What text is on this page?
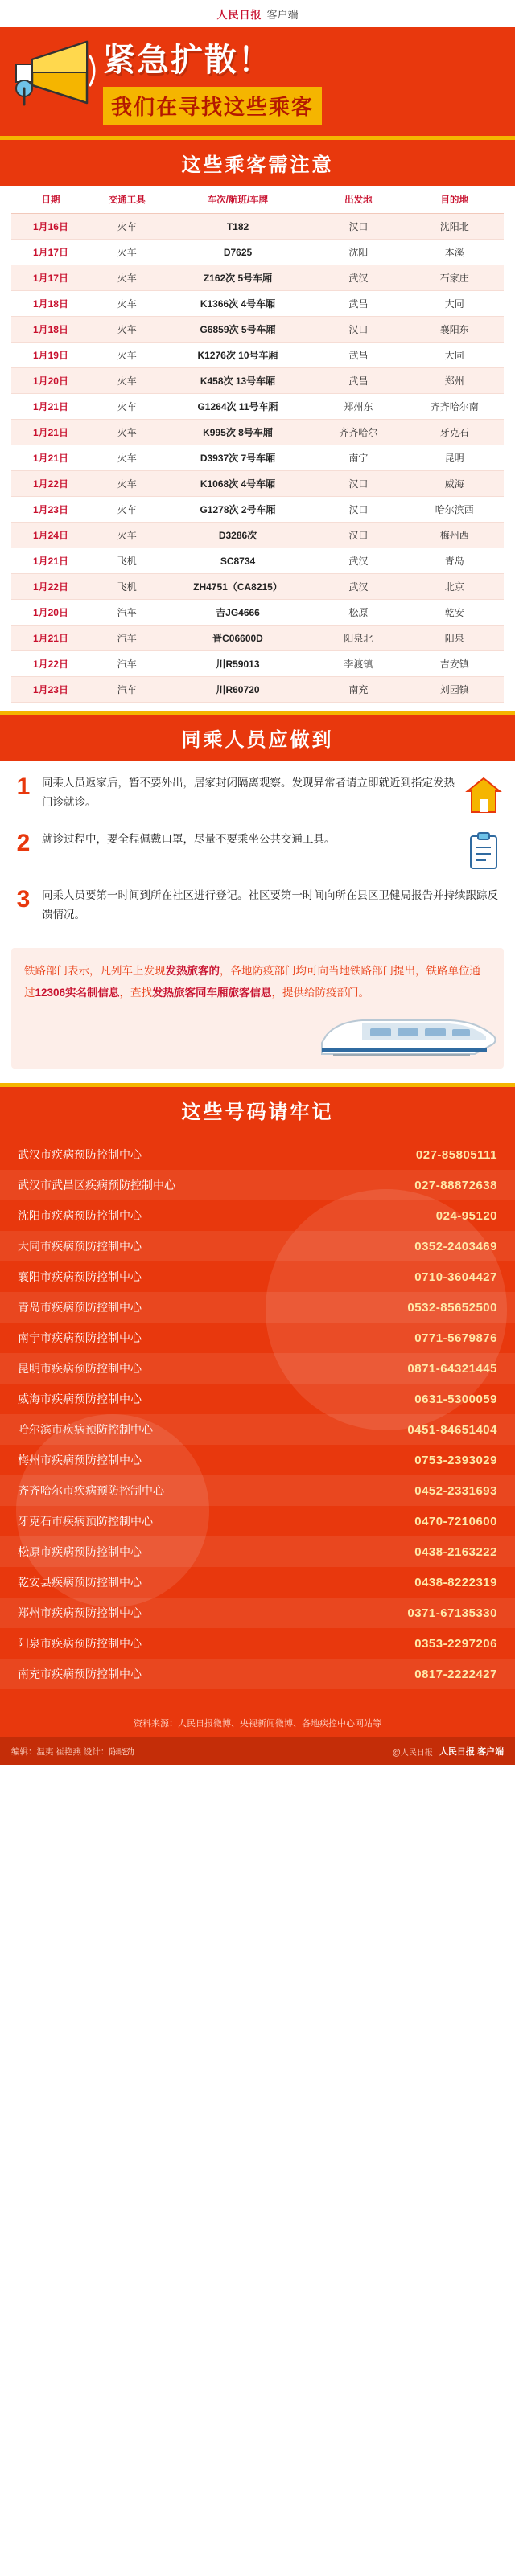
人民日报 客户端
紧急扩散！
我们在寻找这些乘客
这些乘客需注意
日期	交通工具	车次/航班/车牌	出发地	目的地
1月16日	火车	T182	汉口	沈阳北
1月17日	火车	D7625	沈阳	本溪
1月17日	火车	Z162次 5号车厢	武汉	石家庄
1月18日	火车	K1366次 4号车厢	武昌	大同
1月18日	火车	G6859次 5号车厢	汉口	襄阳东
1月19日	火车	K1276次 10号车厢	武昌	大同
1月20日	火车	K458次 13号车厢	武昌	郑州
1月21日	火车	G1264次 11号车厢	郑州东	齐齐哈尔南
1月21日	火车	K995次 8号车厢	齐齐哈尔	牙克石
1月21日	火车	D3937次 7号车厢	南宁	昆明
1月22日	火车	K1068次 4号车厢	汉口	威海
1月23日	火车	G1278次 2号车厢	汉口	哈尔滨西
1月24日	火车	D3286次	汉口	梅州西
1月21日	飞机	SC8734	武汉	青岛
1月22日	飞机	ZH4751（CA8215）	武汉	北京
1月20日	汽车	吉JG4666	松原	乾安
1月21日	汽车	晋C06600D	阳泉北	阳泉
1月22日	汽车	川R59013	李渡镇	吉安镇
1月23日	汽车	川R60720	南充	刘园镇
同乘人员应做到
1	同乘人员返家后，暂不要外出，居家封闭隔离观察。发现异常者请立即就近到指定发热门诊就诊。
2	就诊过程中，要全程佩戴口罩，尽量不要乘坐公共交通工具。
3	同乘人员要第一时间到所在社区进行登记。社区要第一时间向所在县区卫健局报告并持续跟踪反馈情况。

铁路部门表示，凡列车上发现发热旅客的，各地防疫部门均可向当地铁路部门提出，铁路单位通过12306实名制信息，查找发热旅客同车厢旅客信息，提供给防疫部门。

这些号码请牢记
武汉市疾病预防控制中心	027-85805111
武汉市武昌区疾病预防控制中心	027-88872638
沈阳市疾病预防控制中心	024-95120
大同市疾病预防控制中心	0352-2403469
襄阳市疾病预防控制中心	0710-3604427
青岛市疾病预防控制中心	0532-85652500
南宁市疾病预防控制中心	0771-5679876
昆明市疾病预防控制中心	0871-64321445
威海市疾病预防控制中心	0631-5300059
哈尔滨市疾病预防控制中心	0451-84651404
梅州市疾病预防控制中心	0753-2393029
齐齐哈尔市疾病预防控制中心	0452-2331693
牙克石市疾病预防控制中心	0470-7210600
松原市疾病预防控制中心	0438-2163222
乾安县疾病预防控制中心	0438-8222319
郑州市疾病预防控制中心	0371-67135330
阳泉市疾病预防控制中心	0353-2297206
南充市疾病预防控制中心	0817-2222427
资料来源：人民日报微博、央视新闻微博、各地疾控中心网站等
编辑：温夷 崔艳燕 设计：陈晓劲	@人民日报 人民日报 客户端
